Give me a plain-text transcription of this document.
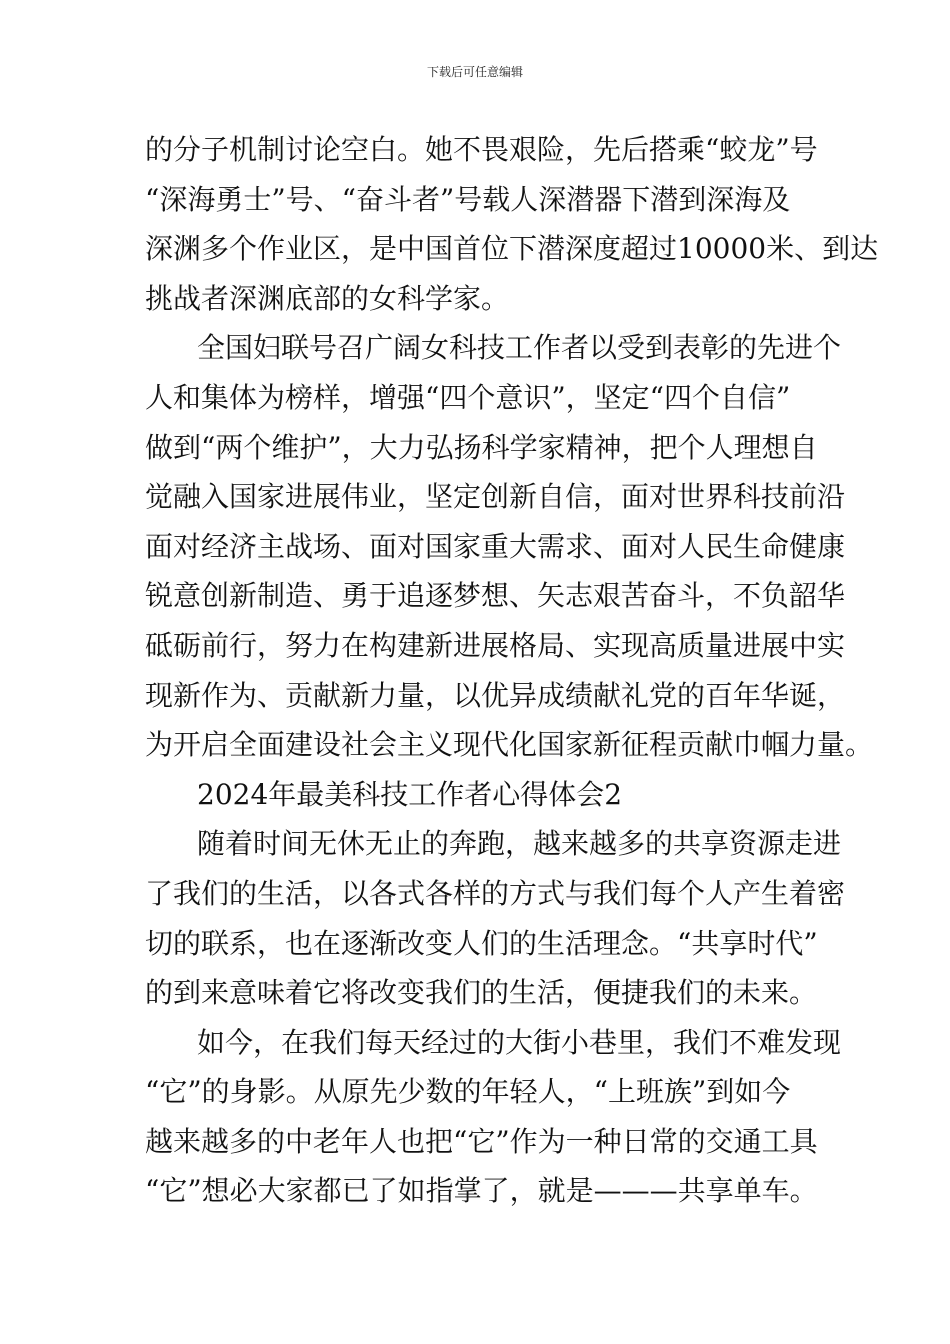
下载后可任意编辑
的分子机制讨论空白。她不畏艰险，先后搭乘“蛟龙”号
“深海勇士”号、“奋斗者”号载人深潜器下潜到深海及
深渊多个作业区，是中国首位下潜深度超过10000米、到达
挑战者深渊底部的女科学家。
全国妇联号召广阔女科技工作者以受到表彰的先进个
人和集体为榜样，增强“四个意识”，坚定“四个自信”
做到“两个维护”，大力弘扬科学家精神，把个人理想自
觉融入国家进展伟业，坚定创新自信，面对世界科技前沿
面对经济主战场、面对国家重大需求、面对人民生命健康
锐意创新制造、勇于追逐梦想、矢志艰苦奋斗，不负韶华
砥砺前行，努力在构建新进展格局、实现高质量进展中实
现新作为、贡献新力量，以优异成绩献礼党的百年华诞，
为开启全面建设社会主义现代化国家新征程贡献巾帼力量。
2024年最美科技工作者心得体会2
随着时间无休无止的奔跑，越来越多的共享资源走进
了我们的生活，以各式各样的方式与我们每个人产生着密
切的联系，也在逐渐改变人们的生活理念。“共享时代”
的到来意味着它将改变我们的生活，便捷我们的未来。
如今，在我们每天经过的大街小巷里，我们不难发现
“它”的身影。从原先少数的年轻人，“上班族”到如今
越来越多的中老年人也把“它”作为一种日常的交通工具
“它”想必大家都已了如指掌了，就是———共享单车。
